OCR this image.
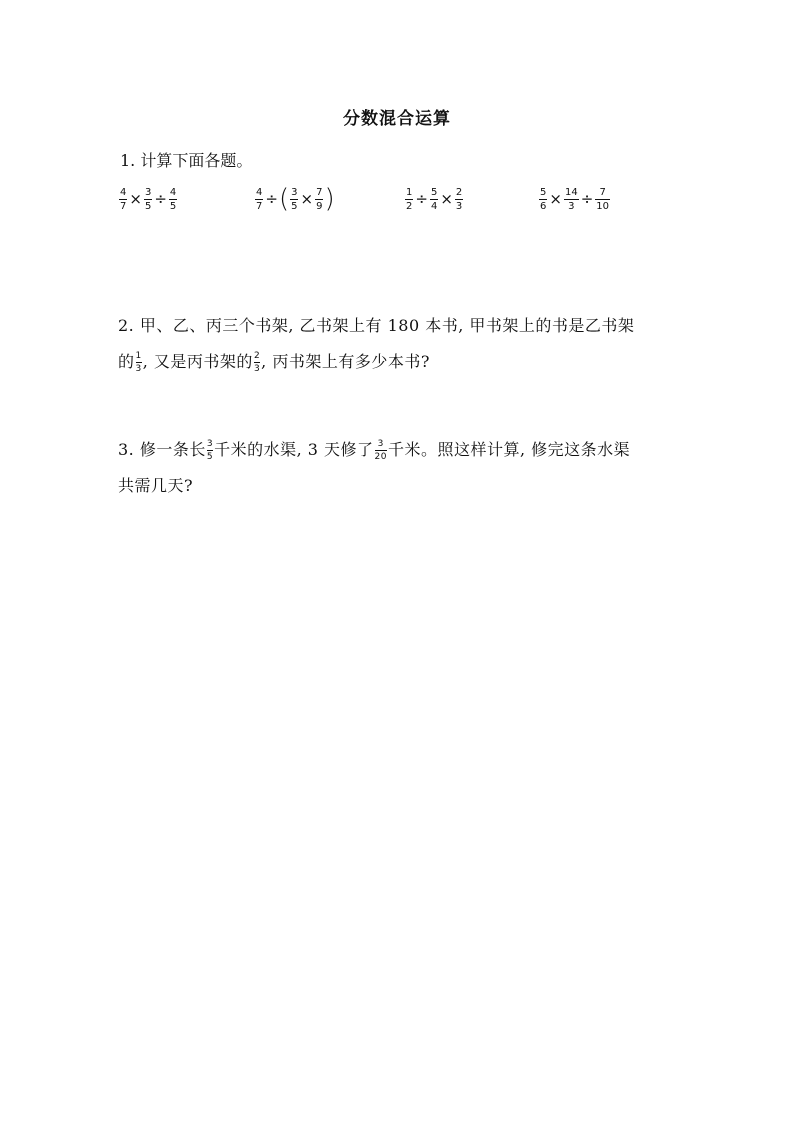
分数混合运算
1. 计算下面各题。
$\frac{4}{7} \times \frac{3}{5} \div \frac{4}{5}$	$\frac{4}{7}$ ÷ ( $\frac{3}{5} \times \frac{7}{9}$ )	$\frac{1}{2} \div \frac{5}{4} \times \frac{2}{3}$	$\frac{5}{6} \times \frac{14}{3} \div \frac{7}{10}$
2. 甲、乙、丙三个书架, 乙书架上有 180 本书, 甲书架上的书是乙书架
的 $\frac{1}{3}$ , 又是丙书架的 $\frac{2}{3}$ , 丙书架上有多少本书?
3. 修一条长 $\frac{3}{5}$ 千米的水渠, 3 天修了 $\frac{3}{20}$ 千米。照这样计算, 修完这条水渠
共需几天?
